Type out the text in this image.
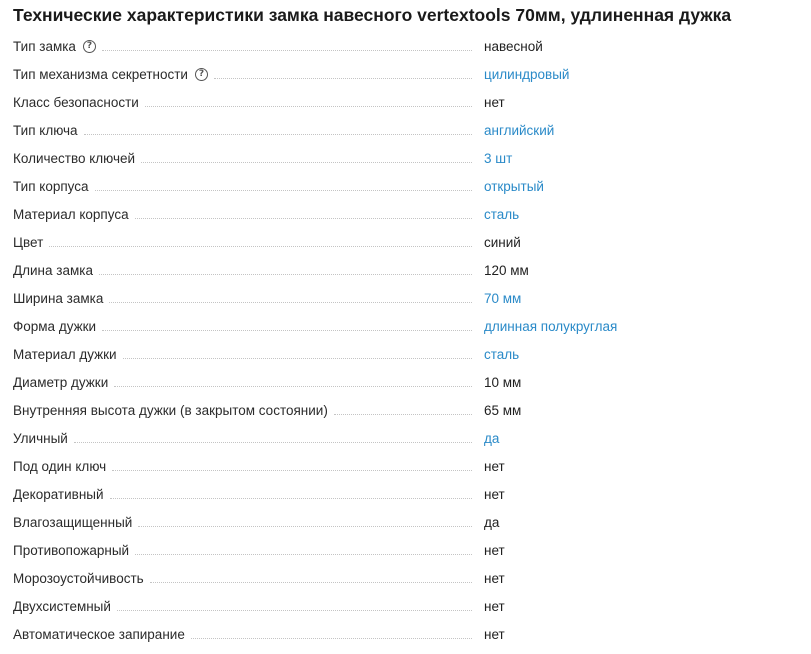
Технические характеристики замка навесного vertextools 70мм, удлиненная дужка
Тип замка	?	навесной
Тип механизма секретности	?	цилиндровый
Класс безопасности	нет
Тип ключа	английский
Количество ключей	3 шт
Тип корпуса	открытый
Материал корпуса	сталь
Цвет	синий
Длина замка	120 мм
Ширина замка	70 мм
Форма дужки	длинная полукруглая
Материал дужки	сталь
Диаметр дужки	10 мм
Внутренняя высота дужки (в закрытом состоянии)	65 мм
Уличный	да
Под один ключ	нет
Декоративный	нет
Влагозащищенный	да
Противопожарный	нет
Морозоустойчивость	нет
Двухсистемный	нет
Автоматическое запирание	нет
